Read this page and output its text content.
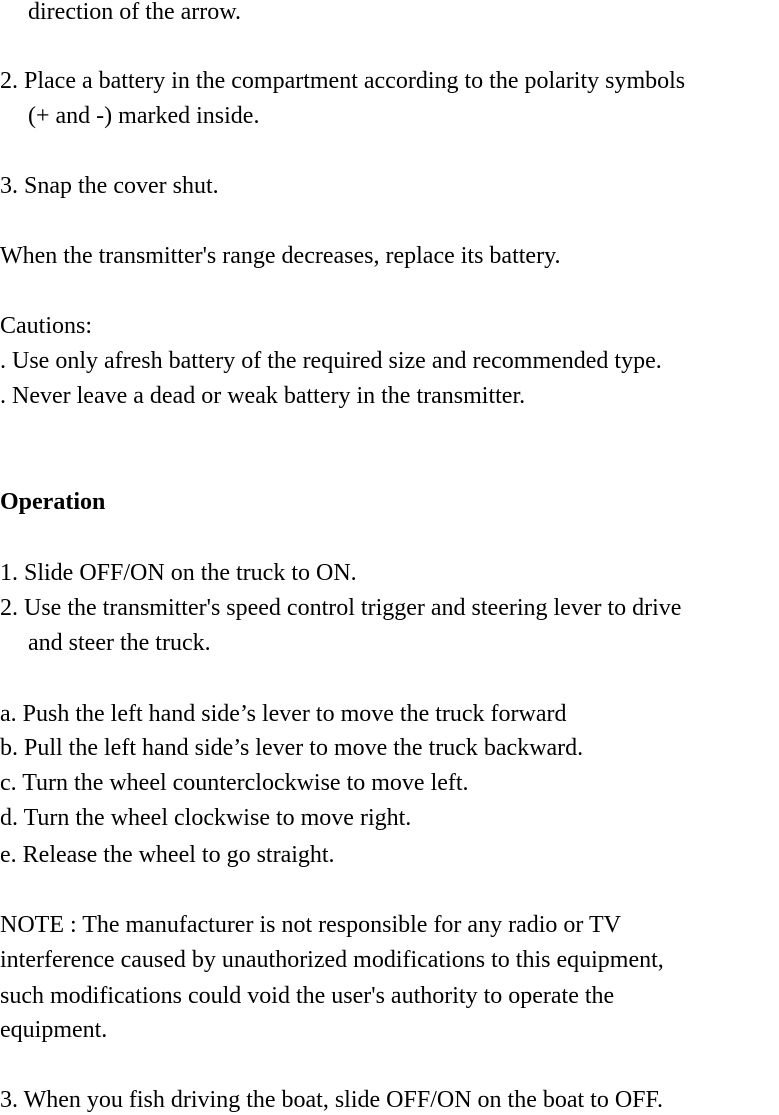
direction of the arrow.
2. Place a battery in the compartment according to the polarity symbols
(+ and -) marked inside.
3. Snap the cover shut.
When the transmitter's range decreases, replace its battery.
Cautions:
. Use only afresh battery of the required size and recommended type.
. Never leave a dead or weak battery in the transmitter.
Operation
1. Slide OFF/ON on the truck to ON.
2. Use the transmitter's speed control trigger and steering lever to drive
and steer the truck.
a. Push the left hand side’s lever to move the truck forward
b. Pull the left hand side’s lever to move the truck backward.
c. Turn the wheel counterclockwise to move left.
d. Turn the wheel clockwise to move right.
e. Release the wheel to go straight.
NOTE : The manufacturer is not responsible for any radio or TV
interference caused by unauthorized modifications to this equipment,
such modifications could void the user's authority to operate the
equipment.
3. When you fish driving the boat, slide OFF/ON on the boat to OFF.
